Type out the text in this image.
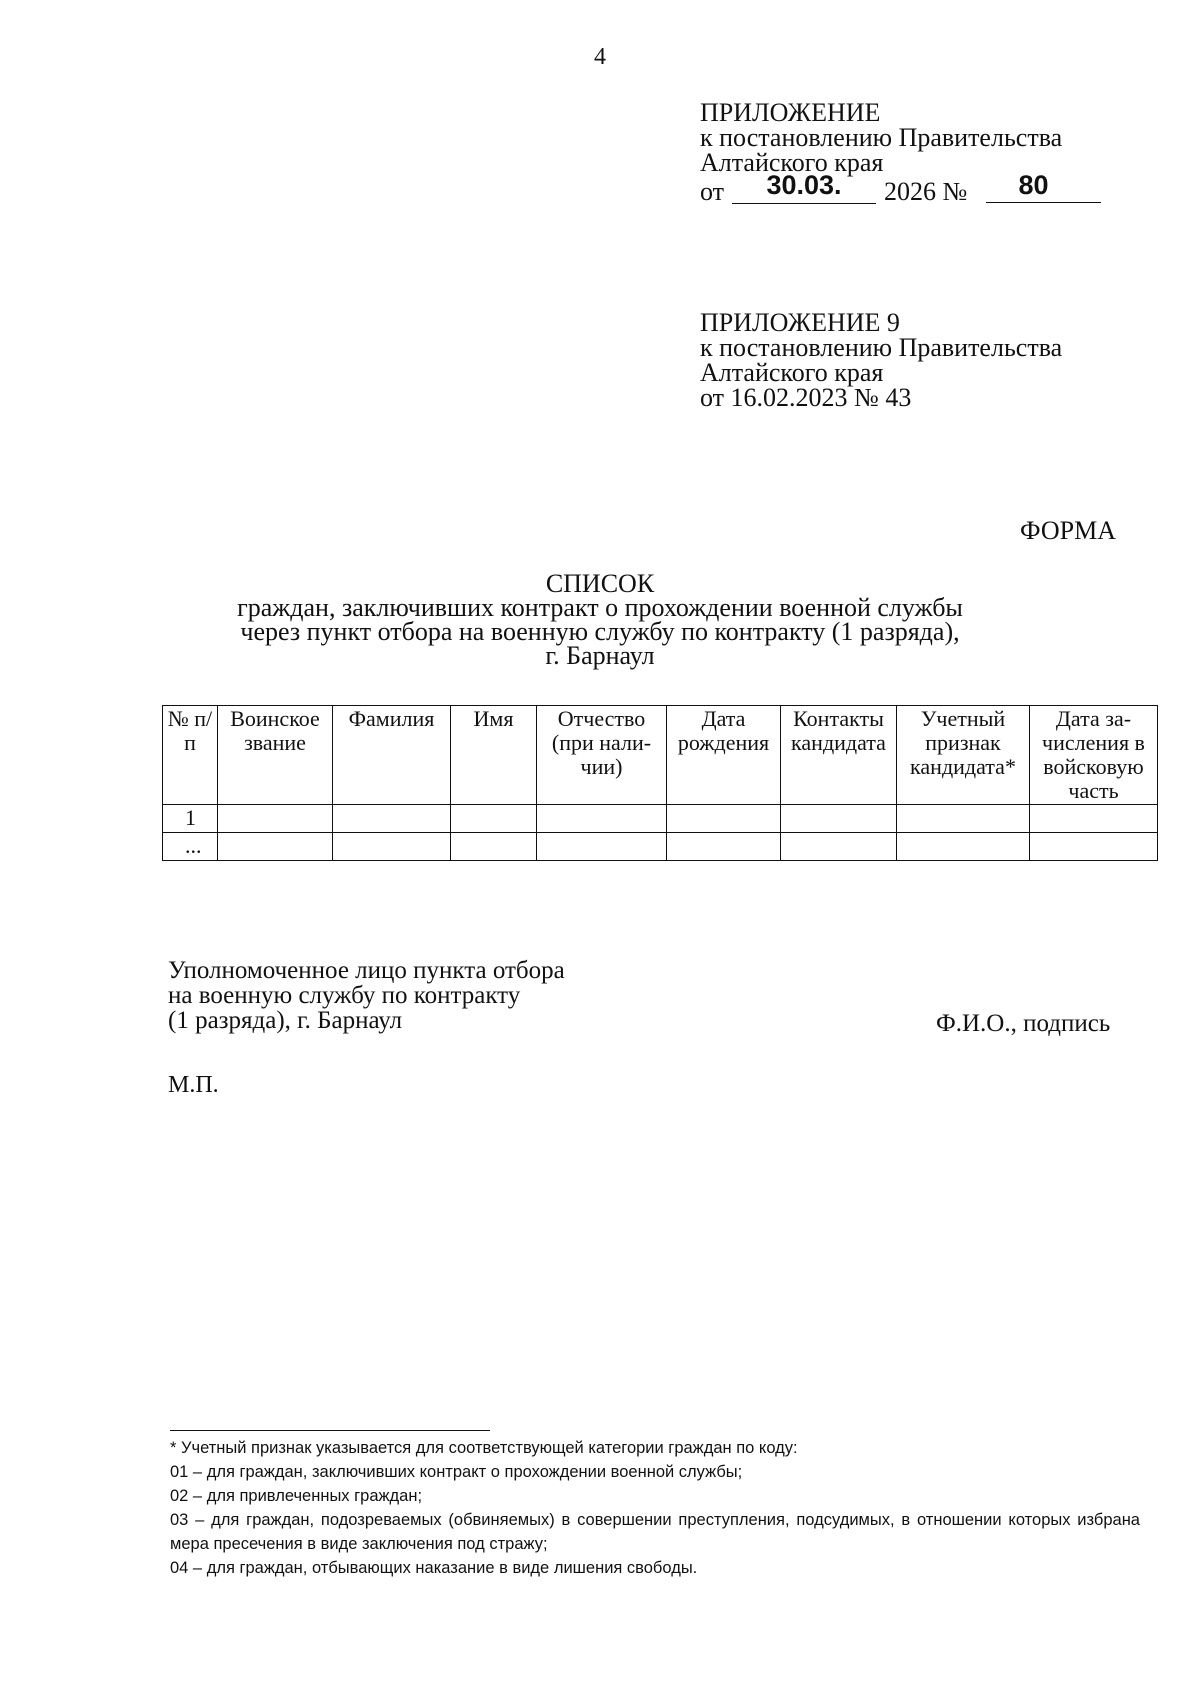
4
ПРИЛОЖЕНИЕ
к постановлению Правительства
Алтайского края
от	30.03.	2026 №	80
ПРИЛОЖЕНИЕ 9
к постановлению Правительства
Алтайского края
от 16.02.2023 № 43
ФОРМА
СПИСОК
граждан, заключивших контракт о прохождении военной службы
через пункт отбора на военную службу по контракту (1 разряда),
г. Барнаул
№ п/п	Воинское звание	Фамилия	Имя	Отчество (при нали-чии)	Дата рождения	Контакты кандидата	Учетный признак кандидата*	Дата за-числения в войсковую часть
1								
...								
Уполномоченное лицо пункта отбора
на военную службу по контракту
(1 разряда), г. Барнаул	Ф.И.О., подпись
М.П.
* Учетный признак указывается для соответствующей категории граждан по коду:
01 – для граждан, заключивших контракт о прохождении военной службы;
02 – для привлеченных граждан;
03 – для граждан, подозреваемых (обвиняемых) в совершении преступления, подсудимых, в отношении которых избрана мера пресечения в виде заключения под стражу;
04 – для граждан, отбывающих наказание в виде лишения свободы.
